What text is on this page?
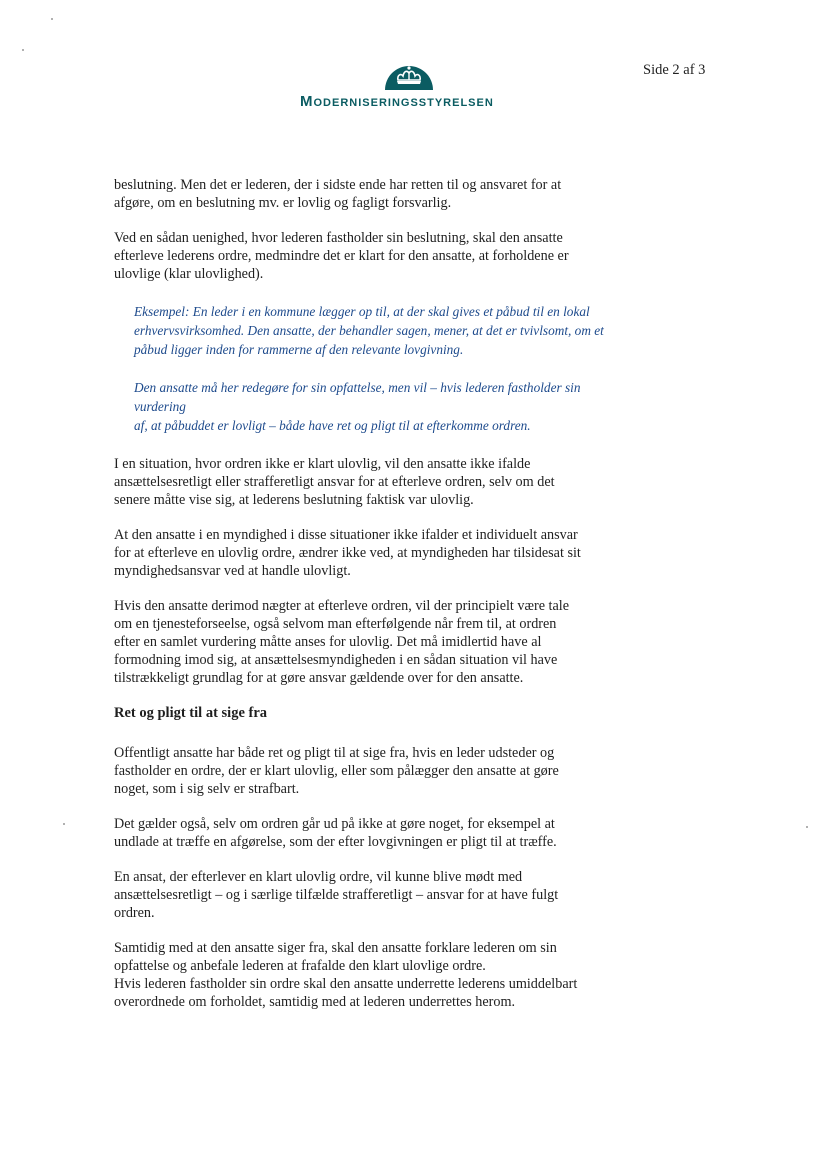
Side 2 af 3
MODERNISERINGSSTYRELSEN

beslutning. Men det er lederen, der i sidste ende har retten til og ansvaret for at
afgøre, om en beslutning mv. er lovlig og fagligt forsvarlig.

Ved en sådan uenighed, hvor lederen fastholder sin beslutning, skal den ansatte
efterleve lederens ordre, medmindre det er klart for den ansatte, at forholdene er
ulovlige (klar ulovlighed).

Eksempel: En leder i en kommune lægger op til, at der skal gives et påbud til en lokal
erhvervsvirksomhed. Den ansatte, der behandler sagen, mener, at det er tvivlsomt, om et
påbud ligger inden for rammerne af den relevante lovgivning.

Den ansatte må her redegøre for sin opfattelse, men vil – hvis lederen fastholder sin vurdering
af, at påbuddet er lovligt – både have ret og pligt til at efterkomme ordren.

I en situation, hvor ordren ikke er klart ulovlig, vil den ansatte ikke ifalde
ansættelsesretligt eller strafferetligt ansvar for at efterleve ordren, selv om det
senere måtte vise sig, at lederens beslutning faktisk var ulovlig.

At den ansatte i en myndighed i disse situationer ikke ifalder et individuelt ansvar
for at efterleve en ulovlig ordre, ændrer ikke ved, at myndigheden har tilsidesat sit
myndighedsansvar ved at handle ulovligt.

Hvis den ansatte derimod nægter at efterleve ordren, vil der principielt være tale
om en tjenesteforseelse, også selvom man efterfølgende når frem til, at ordren
efter en samlet vurdering måtte anses for ulovlig. Det må imidlertid have al
formodning imod sig, at ansættelsesmyndigheden i en sådan situation vil have
tilstrækkeligt grundlag for at gøre ansvar gældende over for den ansatte.

Ret og pligt til at sige fra

Offentligt ansatte har både ret og pligt til at sige fra, hvis en leder udsteder og
fastholder en ordre, der er klart ulovlig, eller som pålægger den ansatte at gøre
noget, som i sig selv er strafbart.

Det gælder også, selv om ordren går ud på ikke at gøre noget, for eksempel at
undlade at træffe en afgørelse, som der efter lovgivningen er pligt til at træffe.

En ansat, der efterlever en klart ulovlig ordre, vil kunne blive mødt med
ansættelsesretligt – og i særlige tilfælde strafferetligt – ansvar for at have fulgt
ordren.

Samtidig med at den ansatte siger fra, skal den ansatte forklare lederen om sin
opfattelse og anbefale lederen at frafalde den klart ulovlige ordre.
Hvis lederen fastholder sin ordre skal den ansatte underrette lederens umiddelbart
overordnede om forholdet, samtidig med at lederen underrettes herom.
